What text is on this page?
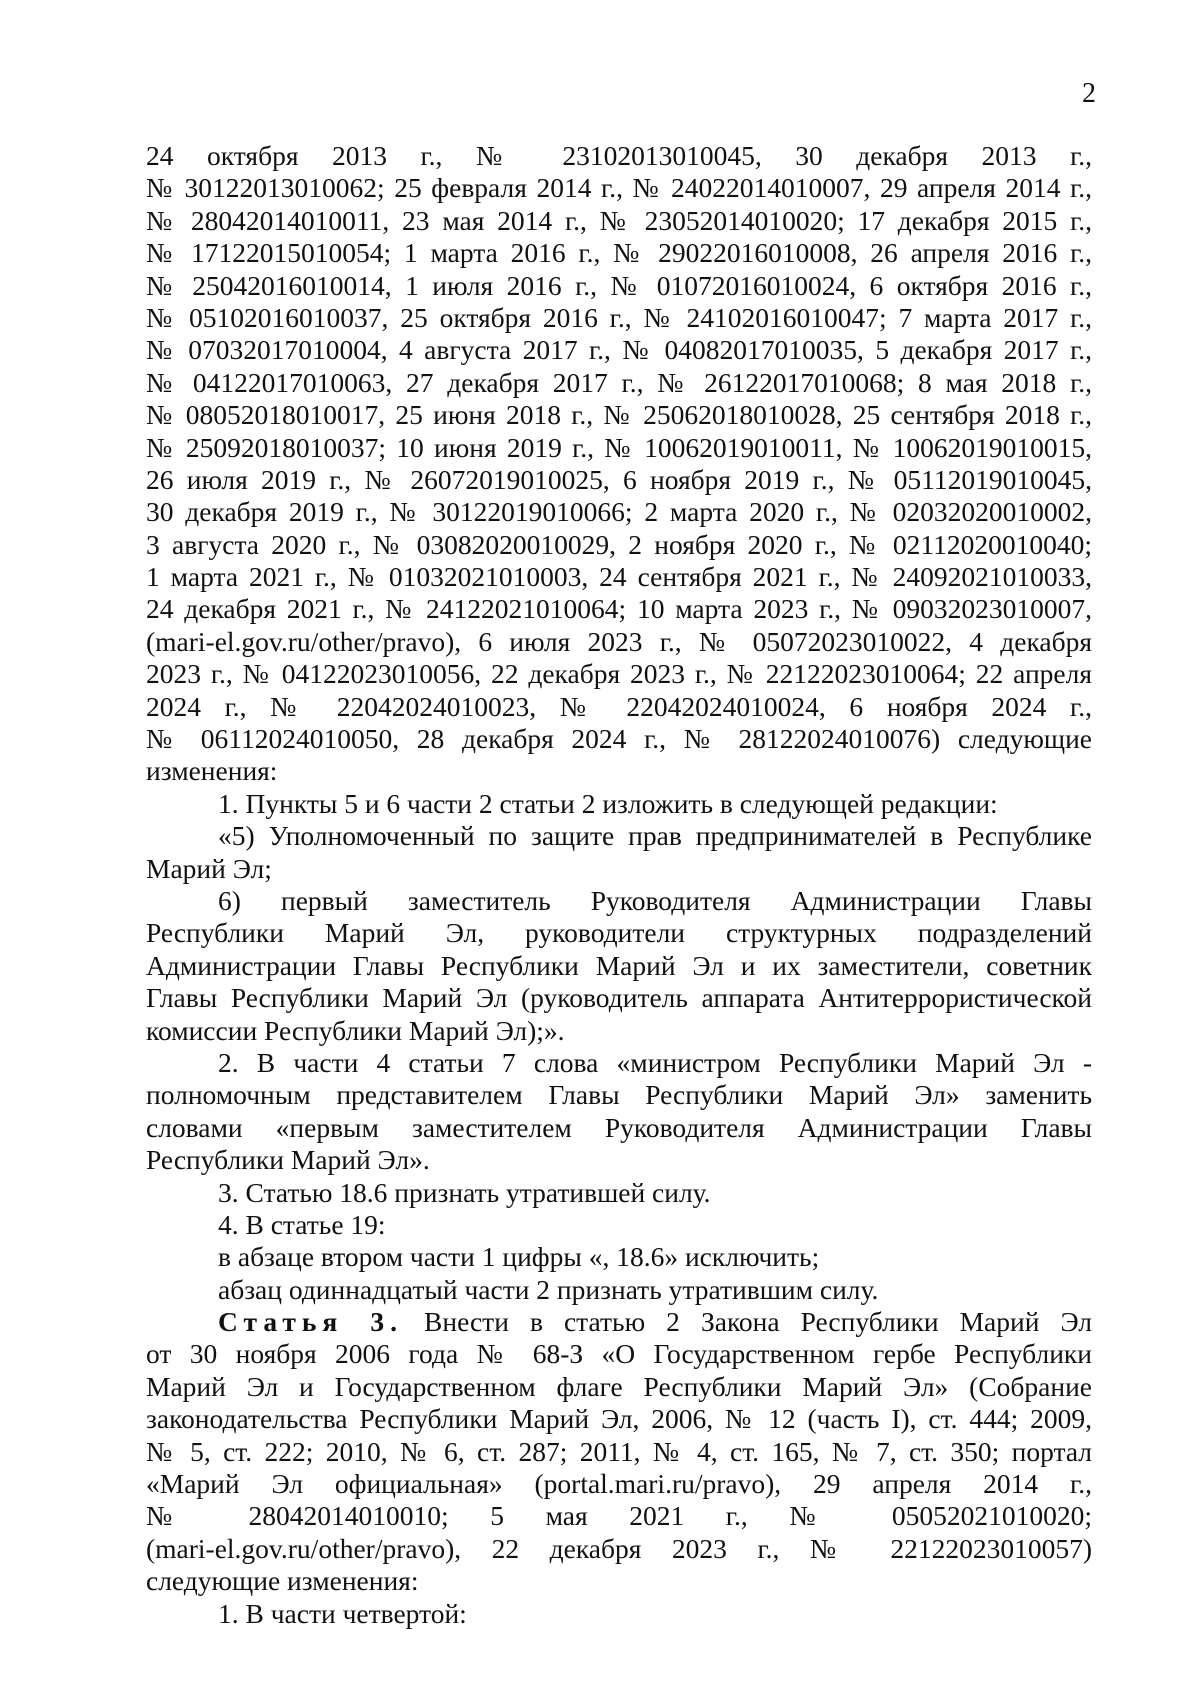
2
24 октября 2013 г., № 23102013010045, 30 декабря 2013 г.,
№ 30122013010062; 25 февраля 2014 г., № 24022014010007, 29 апреля 2014 г.,
№ 28042014010011, 23 мая 2014 г., № 23052014010020; 17 декабря 2015 г.,
№ 17122015010054; 1 марта 2016 г., № 29022016010008, 26 апреля 2016 г.,
№ 25042016010014, 1 июля 2016 г., № 01072016010024, 6 октября 2016 г.,
№ 05102016010037, 25 октября 2016 г., № 24102016010047; 7 марта 2017 г.,
№ 07032017010004, 4 августа 2017 г., № 04082017010035, 5 декабря 2017 г.,
№ 04122017010063, 27 декабря 2017 г., № 26122017010068; 8 мая 2018 г.,
№ 08052018010017, 25 июня 2018 г., № 25062018010028, 25 сентября 2018 г.,
№ 25092018010037; 10 июня 2019 г., № 10062019010011, № 10062019010015,
26 июля 2019 г., № 26072019010025, 6 ноября 2019 г., № 05112019010045,
30 декабря 2019 г., № 30122019010066; 2 марта 2020 г., № 02032020010002,
3 августа 2020 г., № 03082020010029, 2 ноября 2020 г., № 02112020010040;
1 марта 2021 г., № 01032021010003, 24 сентября 2021 г., № 24092021010033,
24 декабря 2021 г., № 24122021010064; 10 марта 2023 г., № 09032023010007,
(mari-el.gov.ru/other/pravo), 6 июля 2023 г., № 05072023010022, 4 декабря
2023 г., № 04122023010056, 22 декабря 2023 г., № 22122023010064; 22 апреля
2024 г., № 22042024010023, № 22042024010024, 6 ноября 2024 г.,
№ 06112024010050, 28 декабря 2024 г., № 28122024010076) следующие
изменения:
1. Пункты 5 и 6 части 2 статьи 2 изложить в следующей редакции:
«5) Уполномоченный по защите прав предпринимателей в Республике
Марий Эл;
6) первый заместитель Руководителя Администрации Главы
Республики Марий Эл, руководители структурных подразделений
Администрации Главы Республики Марий Эл и их заместители, советник
Главы Республики Марий Эл (руководитель аппарата Антитеррористической
комиссии Республики Марий Эл);».
2. В части 4 статьи 7 слова «министром Республики Марий Эл -
полномочным представителем Главы Республики Марий Эл» заменить
словами «первым заместителем Руководителя Администрации Главы
Республики Марий Эл».
3. Статью 18.6 признать утратившей силу.
4. В статье 19:
в абзаце втором части 1 цифры «, 18.6» исключить;
абзац одиннадцатый части 2 признать утратившим силу.
Статья 3. Внести в статью 2 Закона Республики Марий Эл
от 30 ноября 2006 года № 68-З «О Государственном гербе Республики
Марий Эл и Государственном флаге Республики Марий Эл» (Собрание
законодательства Республики Марий Эл, 2006, № 12 (часть I), ст. 444; 2009,
№ 5, ст. 222; 2010, № 6, ст. 287; 2011, № 4, ст. 165, № 7, ст. 350; портал
«Марий Эл официальная» (portal.mari.ru/pravo), 29 апреля 2014 г.,
№ 28042014010010; 5 мая 2021 г., № 05052021010020;
(mari-el.gov.ru/other/pravo), 22 декабря 2023 г., № 22122023010057)
следующие изменения:
1. В части четвертой:
